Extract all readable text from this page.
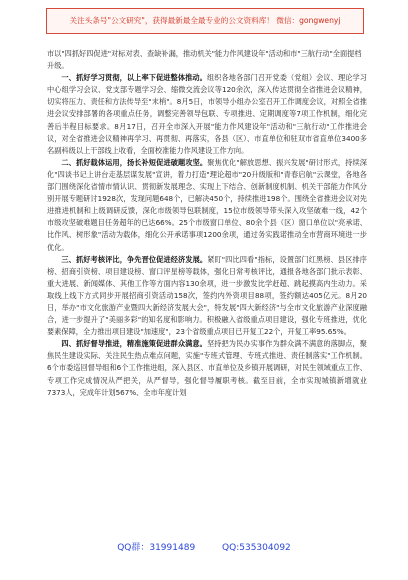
关注头条号"公文研究"，获得最新最全最专业的公文资料库！ 微信：gongwenyj

市以"四抓好四促进"对标对表、查缺补漏，推动机关"能力作风建设年"活动和市"三航行动"全面提档升级。

一、抓好学习贯彻，以上率下促进整体推动。组织各地各部门召开党委（党组）会议、理论学习中心组学习会议、党支部专题学习会、缩微交流会议等120余次，深入传达贯彻全省推进会议精神，切实将压力、责任和方法传导至"末梢"。8月5日，市领导小组办公室召开工作调度会议，对照全省推进会议安排部署的各项重点任务，调整完善领导包联、专项推进、定期调度等7项工作机制，细化完善后半程目标要求。8月17日，召开全市深入开展"能力作风建设年"活动和"三航行动"工作推进会议，对全省推进会议精神再学习、再贯彻、再落实，各县（区）、市直单位和驻双市省直单位3400多名副科级以上干部线上收看，全面校准能力作风建设工作方向。

二、抓好载体运用，扬长补短促进破题攻坚。聚焦优化"解放思想、振兴发展"研讨形式，持续深化"四谈书记上讲台走基层谋发展"宣讲，着力打造"理论超市"20升级版和"青春启航"云课堂，各地各部门围绕深化省情市情认识、贯彻新发展理念、实现上下结合、创新制度机制、机关干部能力作风分别开展专题研讨1928次，发现问题648个，已解决450个，持续推进198个。围绕全省推进会议对先进推进机制和上级调研反馈，深化市级领导包联制度，15位市级领导带头深入攻坚破难一线，42个市级攻坚破难题目任务超年的已达66%。25个市级窗口单位、80余个县（区）窗口单位以"亮承诺、比作风、树形象"活动为载体，细化公开承诺事项1200余项，通过务实践诺推动全市营商环境进一步优化。

三、抓好考核评比，争先晋位促进经济发展。紧盯"四比四看"指标，设置部门红黑榜、县区排序榜、招商引资榜、项目建设榜、窗口评星榜等载体，强化日常考核评比，通报各地各部门批示表彰、重大进展、新闻媒体、其他工作等方面内容130余项，进一步激发比学赶超、跳起摸高内生动力。采取线上线下方式同步开展招商引资活动158次，签约内外资项目88项，签约额达405亿元。8月20日，举办"市文化旅游产业暨四大新经济发展大会"，特发展"四大新经济"与全市文化旅游产业深度融合，进一步提升了"美丽多彩"的知名度和影响力。积极融入省级重点项目建设，强化专班推进，优化要素保障，全力推出项目建设"加速度"，23个省级重点项目已开复工22个，开复工率95.65%。

四、抓好督导推进，精准施策促进群众满意。坚持把为民办实事作为群众满不满意的落脚点，聚焦民生建设实际、关注民生热点难点问题，实施"专班式管理、专班式推进、责任制落实"工作机制。6个市委巡回督导组和6个工作推进组，深入县区、市直单位及乡镇开展调研，对民生领域重点工作、专项工作完成情况从严把关，从严督导，强化督导履职考核。截至目前，全市实现城镇新增就业7373人，完成年计划567%、全市年度计划

QQ群：31991489	QQ:535304092
